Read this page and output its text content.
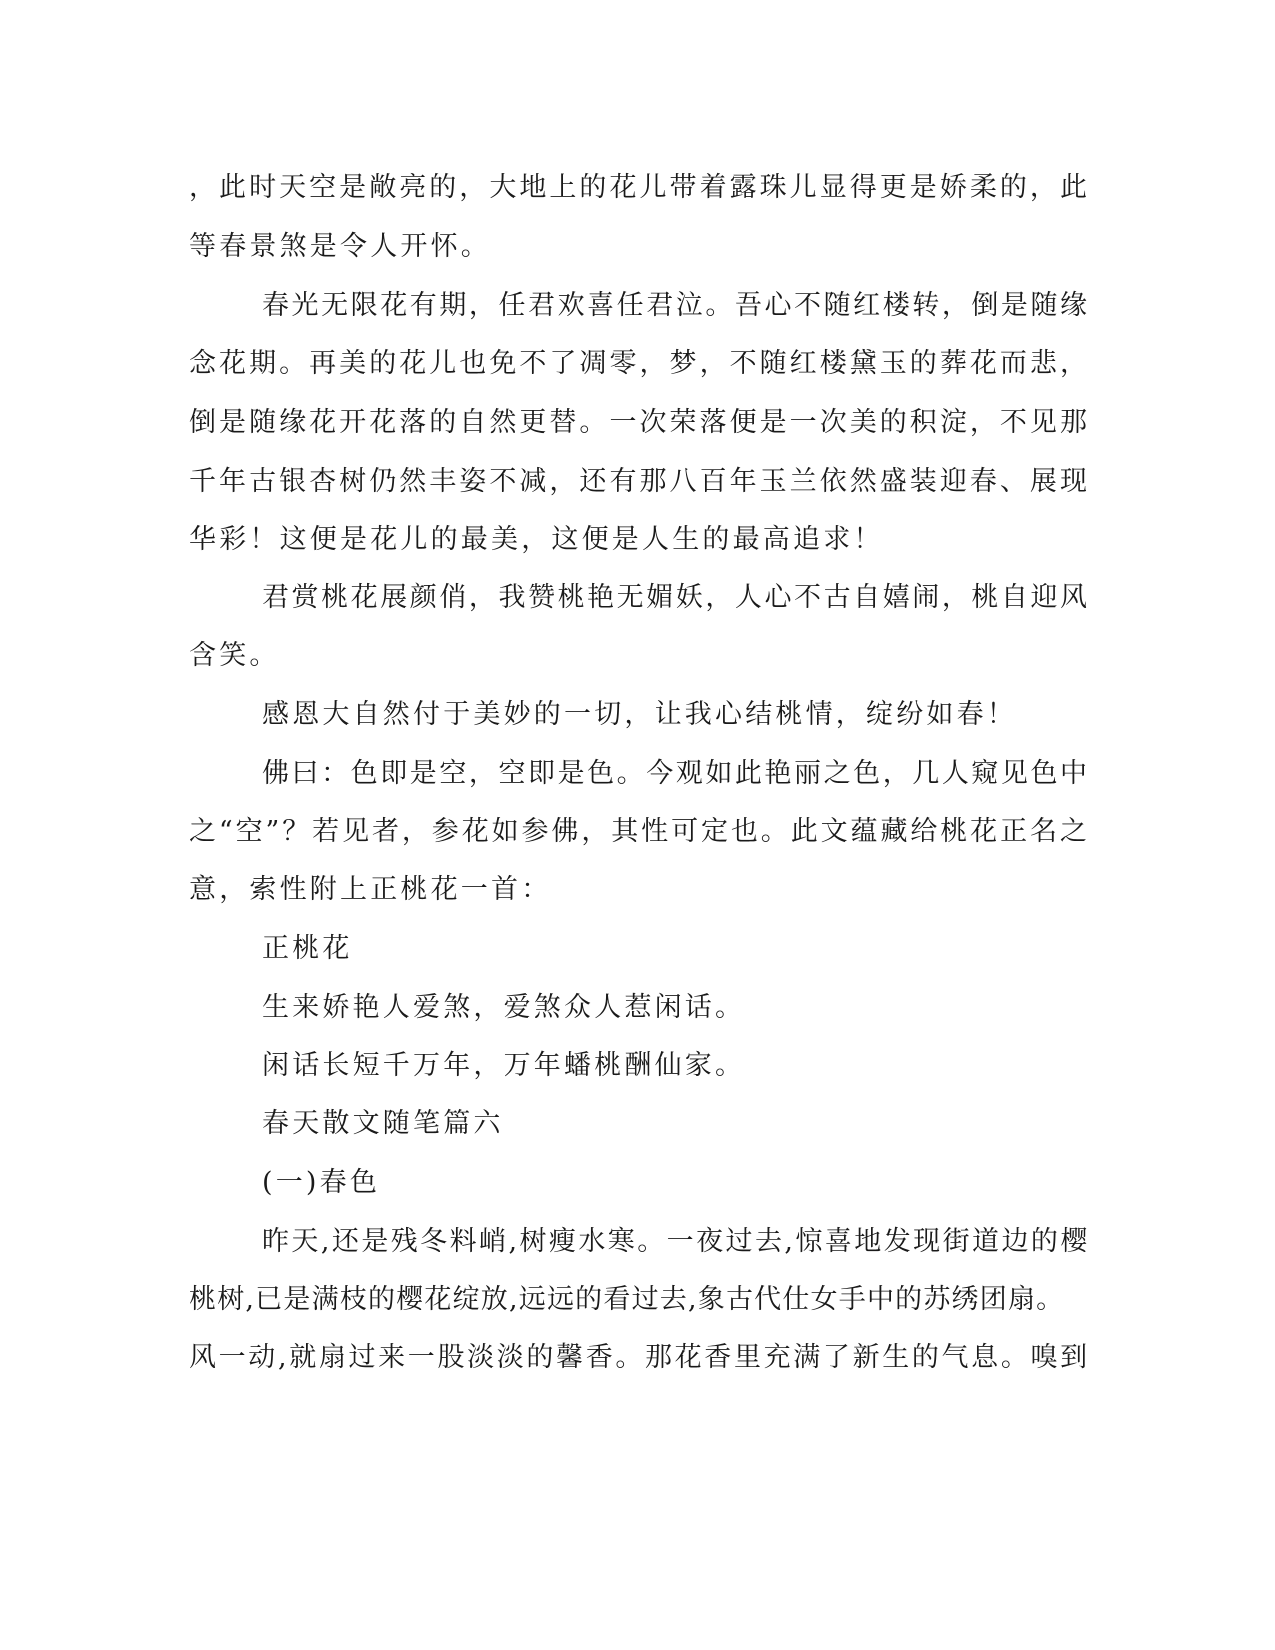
，此时天空是敞亮的，大地上的花儿带着露珠儿显得更是娇柔的，此
等春景煞是令人开怀。
春光无限花有期，任君欢喜任君泣。吾心不随红楼转，倒是随缘
念花期。再美的花儿也免不了凋零，梦，不随红楼黛玉的葬花而悲，
倒是随缘花开花落的自然更替。一次荣落便是一次美的积淀，不见那
千年古银杏树仍然丰姿不减，还有那八百年玉兰依然盛装迎春、展现
华彩！这便是花儿的最美，这便是人生的最高追求！
君赏桃花展颜俏，我赞桃艳无媚妖，人心不古自嬉闹，桃自迎风
含笑。
感恩大自然付于美妙的一切，让我心结桃情，绽纷如春！
佛曰：色即是空，空即是色。今观如此艳丽之色，几人窥见色中
之“空”？若见者，参花如参佛，其性可定也。此文蕴藏给桃花正名之
意，索性附上正桃花一首：
正桃花
生来娇艳人爱煞，爱煞众人惹闲话。
闲话长短千万年，万年蟠桃酬仙家。
春天散文随笔篇六
(一)春色
昨天,还是残冬料峭,树瘦水寒。一夜过去,惊喜地发现街道边的樱
桃树,已是满枝的樱花绽放,远远的看过去,象古代仕女手中的苏绣团扇。
风一动,就扇过来一股淡淡的馨香。那花香里充满了新生的气息。嗅到
